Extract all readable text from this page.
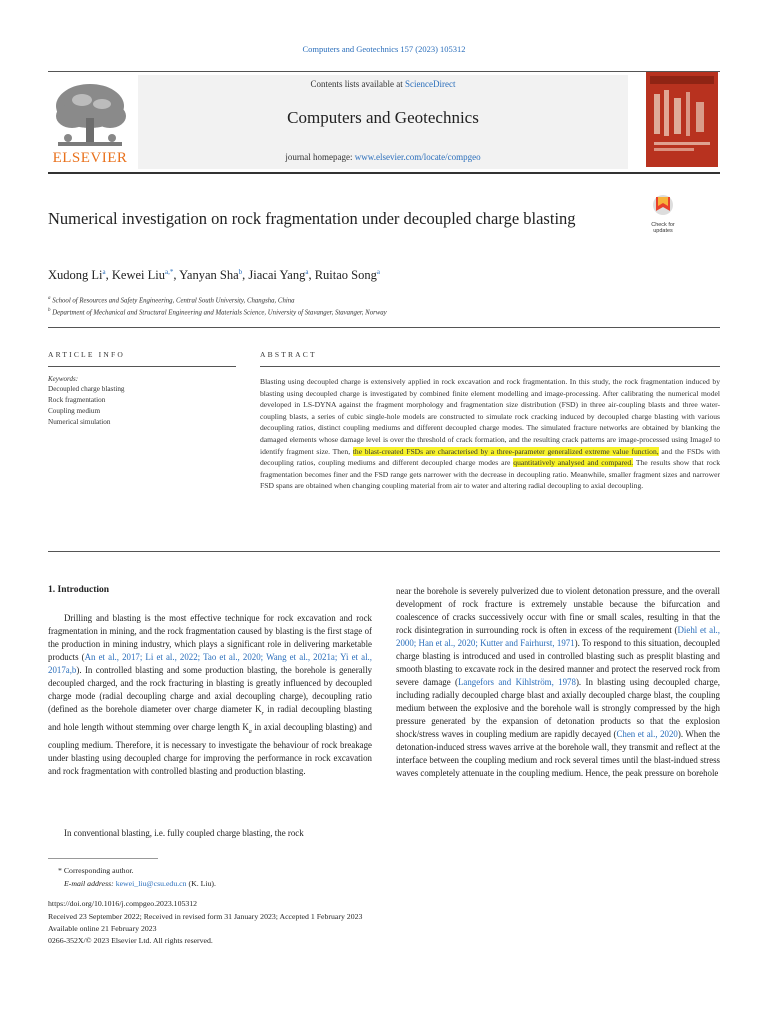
Computers and Geotechnics 157 (2023) 105312
ELSEVIER
Contents lists available at ScienceDirect
Computers and Geotechnics
journal homepage: www.elsevier.com/locate/compgeo
Numerical investigation on rock fragmentation under decoupled charge blasting	Check for
updates
Xudong Li$^a$, Kewei Liu$^{a,*}$, Yanyan Sha$^b$, Jiacai Yang$^a$, Ruitao Song$^a$
$^a$ School of Resources and Safety Engineering, Central South University, Changsha, China
$^b$ Department of Mechanical and Structural Engineering and Materials Science, University of Stavanger, Stavanger, Norway
ARTICLE INFO	ABSTRACT
Keywords:
Decoupled charge blasting
Rock fragmentation
Coupling medium
Numerical simulation
Blasting using decoupled charge is extensively applied in rock excavation and rock fragmentation. In this study, the rock fragmentation induced by blasting using decoupled charge is investigated by combined finite element modelling and image-processing. After calibrating the numerical model developed in LS-DYNA against the fragment morphology and fragmentation size distribution (FSD) in three air-coupling blasts and three water-coupling blasts, a series of cubic single-hole models are constructed to simulate rock cracking induced by decoupled charge blasting with various decoupling ratios, distinct coupling mediums and different decoupled charge modes. The simulated fracture networks are obtained by blanking the damaged elements whose damage level is over the threshold of crack formation, and the resulting crack patterns are image-processed using ImageJ to identify fragment size. Then, the blast-created FSDs are characterised by a three-parameter generalized extreme value function, and the FSDs with decoupling ratios, coupling mediums and different decoupled charge modes are quantitatively analysed and compared. The results show that rock fragmentation becomes finer and the FSD range gets narrower with the decrease in decoupling ratio. Meanwhile, smaller fragment sizes and narrower FSD spans are obtained when changing coupling material from air to water and altering radial decoupling to axial decoupling.
1. Introduction
Drilling and blasting is the most effective technique for rock excavation and rock fragmentation in mining, and the rock fragmentation caused by blasting is the first stage of the production in mining industry, which plays a significant role in delivering marketable products (An et al., 2017; Li et al., 2022; Tao et al., 2020; Wang et al., 2021a; Yi et al., 2017a,b). In controlled blasting and some production blasting, the borehole is generally decoupled charged, and the rock fracturing in blasting is greatly influenced by decoupled charge mode (radial decoupling charge and axial decoupling charge), decoupling ratio (defined as the borehole diameter over charge diameter $K_r$ in radial decoupling blasting and hole length without stemming over charge length $K_a$ in axial decoupling blasting) and coupling medium. Therefore, it is necessary to investigate the behaviour of rock breakage under blasting using decoupled charge for improving the performance in rock excavation and rock fragmentation with controlled blasting and production blasting.
In conventional blasting, i.e. fully coupled charge blasting, the rock
near the borehole is severely pulverized due to violent detonation pressure, and the overall development of rock fracture is extremely unstable because the bifurcation and coalescence of cracks successively occur with fine or small scales, resulting in that the rock disintegration in surrounding rock is often in excess of the requirement (Diehl et al., 2000; Han et al., 2020; Kutter and Fairhurst, 1971). To respond to this situation, decoupled charge blasting is introduced and used in controlled blasting such as presplit blasting and smooth blasting to excavate rock in the desired manner and protect the reserved rock from severe damage (Langefors and Kihlström, 1978). In blasting using decoupled charge, including radially decoupled charge blast and axially decoupled charge blast, the coupling medium between the explosive and the borehole wall is strongly compressed by the high pressure generated by the expansion of detonation products so that the explosion shock/stress waves in coupling medium are rapidly decayed (Chen et al., 2020). When the detonation-induced stress waves arrive at the borehole wall, they transmit and reflect at the interface between the coupling medium and rock several times until the blast-indued stress waves completely attenuate in the coupling medium. Hence, the peak pressure on borehole
* Corresponding author.
E-mail address: kewei_liu@csu.edu.cn (K. Liu).
https://doi.org/10.1016/j.compgeo.2023.105312
Received 23 September 2022; Received in revised form 31 January 2023; Accepted 1 February 2023
Available online 21 February 2023
0266-352X/© 2023 Elsevier Ltd. All rights reserved.
